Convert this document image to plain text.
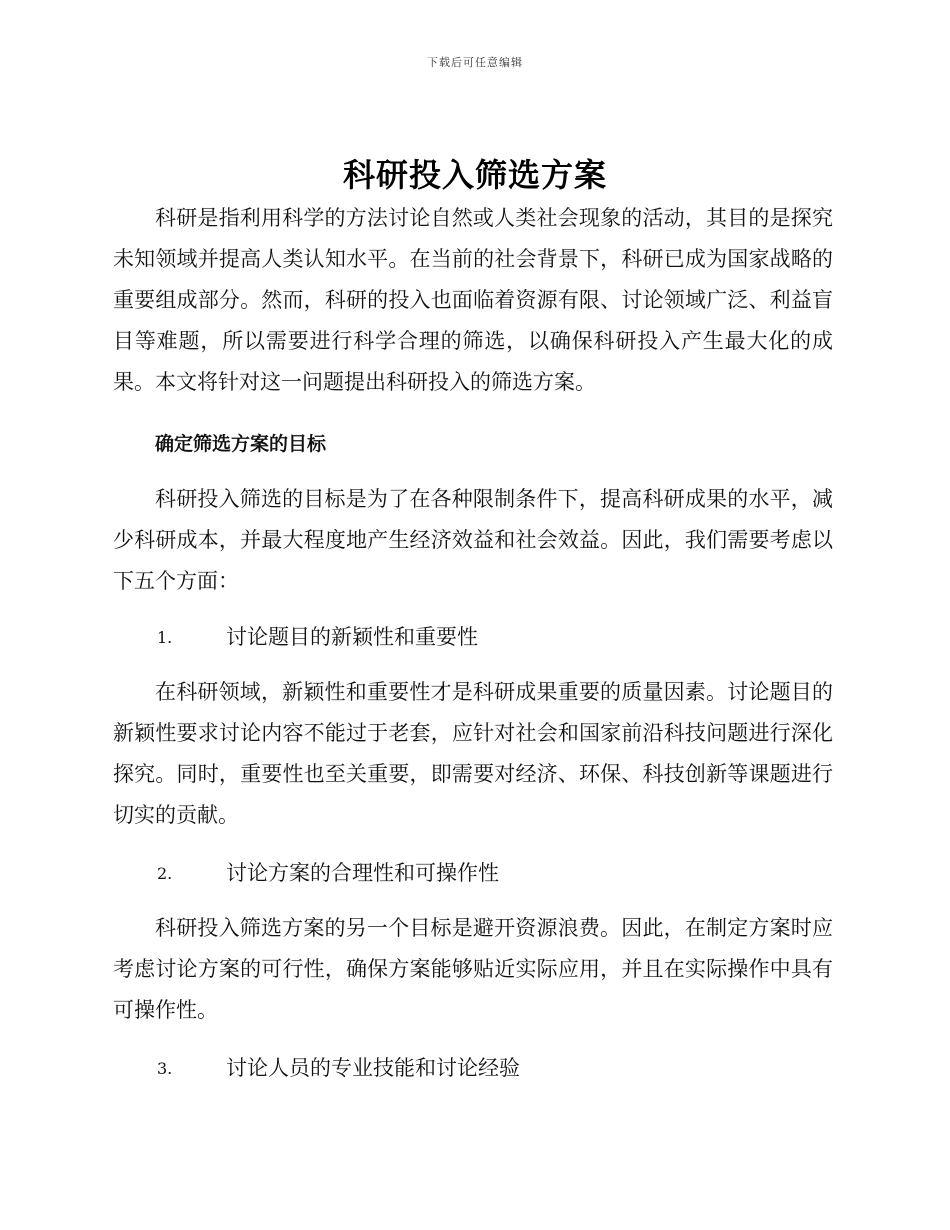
下载后可任意编辑
科研投入筛选方案

科研是指利用科学的方法讨论自然或人类社会现象的活动，其目的是探究未知领域并提高人类认知水平。在当前的社会背景下，科研已成为国家战略的重要组成部分。然而，科研的投入也面临着资源有限、讨论领域广泛、利益盲目等难题，所以需要进行科学合理的筛选，以确保科研投入产生最大化的成果。本文将针对这一问题提出科研投入的筛选方案。

确定筛选方案的目标

科研投入筛选的目标是为了在各种限制条件下，提高科研成果的水平，减少科研成本，并最大程度地产生经济效益和社会效益。因此，我们需要考虑以下五个方面：

1.	讨论题目的新颖性和重要性

在科研领域，新颖性和重要性才是科研成果重要的质量因素。讨论题目的新颖性要求讨论内容不能过于老套，应针对社会和国家前沿科技问题进行深化探究。同时，重要性也至关重要，即需要对经济、环保、科技创新等课题进行切实的贡献。

2.	讨论方案的合理性和可操作性

科研投入筛选方案的另一个目标是避开资源浪费。因此，在制定方案时应考虑讨论方案的可行性，确保方案能够贴近实际应用，并且在实际操作中具有可操作性。

3.	讨论人员的专业技能和讨论经验
